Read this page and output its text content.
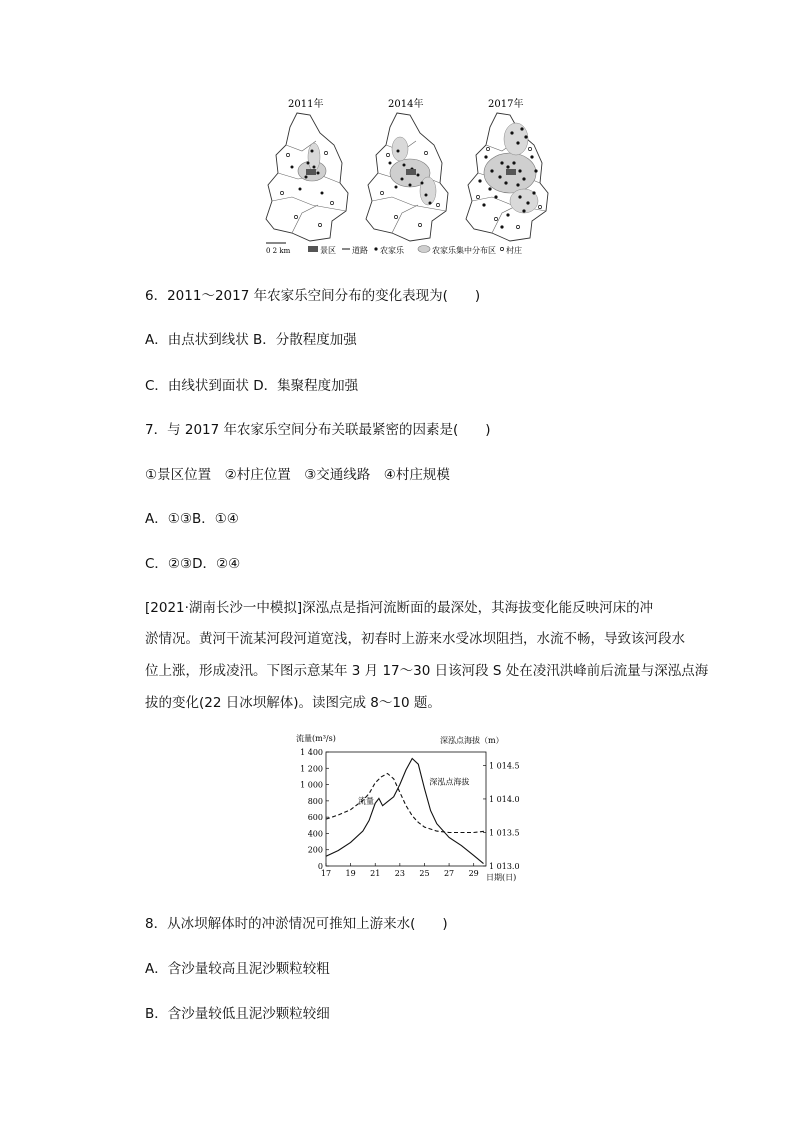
2011年	2014年	2017年
0 2 km	景区 道路 农家乐	农家乐集中分布区 村庄
6．2011～2017 年农家乐空间分布的变化表现为(　　)
A．由点状到线状 B．分散程度加强
C．由线状到面状 D．集聚程度加强
7．与 2017 年农家乐空间分布关联最紧密的因素是(　　)
①景区位置　②村庄位置　③交通线路　④村庄规模
A．①③B．①④
C．②③D．②④
[2021·湖南长沙一中模拟]深泓点是指河流断面的最深处，其海拔变化能反映河床的冲
淤情况。黄河干流某河段河道宽浅，初春时上游来水受冰坝阻挡，水流不畅，导致该河段水
位上涨，形成凌汛。下图示意某年 3 月 17～30 日该河段 S 处在凌汛洪峰前后流量与深泓点海
拔的变化(22 日冰坝解体)。读图完成 8～10 题。
流量(m³/s)	深泓点海拔（m）
日期(日)
0
200
400
600
800
1 000
1 200
1 400
1 013.0
1 013.5
1 014.0
1 014.5
17 19 21 23 25 27 29
流量
深泓点海拔
8．从冰坝解体时的冲淤情况可推知上游来水(　　)
A．含沙量较高且泥沙颗粒较粗
B．含沙量较低且泥沙颗粒较细
